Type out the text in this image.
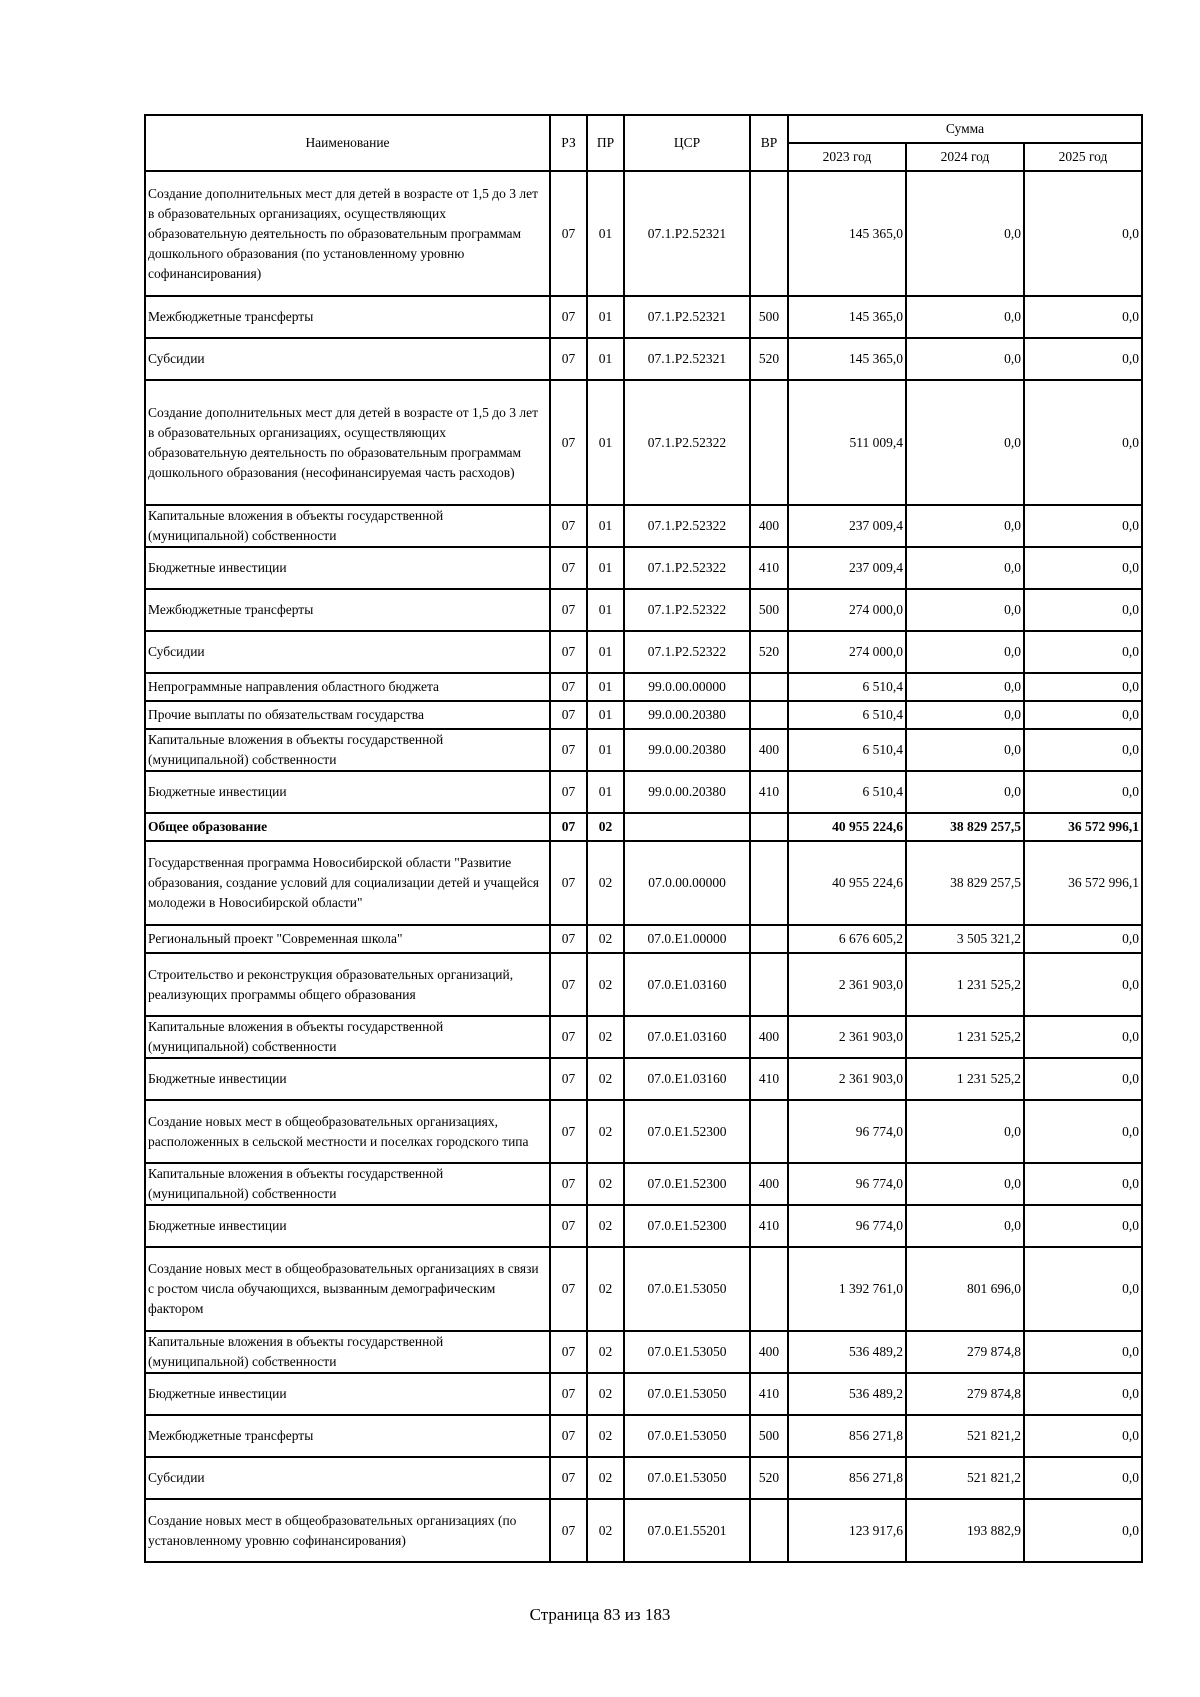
Наименование	РЗ	ПР	ЦСР	ВР	Сумма		
					2023 год	2024 год	2025 год
Создание дополнительных мест для детей в возрасте от 1,5 до 3 лет в образовательных организациях, осуществляющих образовательную деятельность по образовательным программам дошкольного образования (по установленному уровню софинансирования)	07	01	07.1.Р2.52321		145 365,0	0,0	0,0
Межбюджетные трансферты	07	01	07.1.Р2.52321	500	145 365,0	0,0	0,0
Субсидии	07	01	07.1.Р2.52321	520	145 365,0	0,0	0,0
Создание дополнительных мест для детей в возрасте от 1,5 до 3 лет в образовательных организациях, осуществляющих образовательную деятельность по образовательным программам дошкольного образования (несофинансируемая часть расходов)	07	01	07.1.Р2.52322		511 009,4	0,0	0,0
Капитальные вложения в объекты государственной (муниципальной) собственности	07	01	07.1.Р2.52322	400	237 009,4	0,0	0,0
Бюджетные инвестиции	07	01	07.1.Р2.52322	410	237 009,4	0,0	0,0
Межбюджетные трансферты	07	01	07.1.Р2.52322	500	274 000,0	0,0	0,0
Субсидии	07	01	07.1.Р2.52322	520	274 000,0	0,0	0,0
Непрограммные направления областного бюджета	07	01	99.0.00.00000		6 510,4	0,0	0,0
Прочие выплаты по обязательствам государства	07	01	99.0.00.20380		6 510,4	0,0	0,0
Капитальные вложения в объекты государственной (муниципальной) собственности	07	01	99.0.00.20380	400	6 510,4	0,0	0,0
Бюджетные инвестиции	07	01	99.0.00.20380	410	6 510,4	0,0	0,0
Общее образование	07	02			40 955 224,6	38 829 257,5	36 572 996,1
Государственная программа Новосибирской области "Развитие образования, создание условий для социализации детей и учащейся молодежи в Новосибирской области"	07	02	07.0.00.00000		40 955 224,6	38 829 257,5	36 572 996,1
Региональный проект "Современная школа"	07	02	07.0.Е1.00000		6 676 605,2	3 505 321,2	0,0
Строительство и реконструкция образовательных организаций, реализующих программы общего образования	07	02	07.0.Е1.03160		2 361 903,0	1 231 525,2	0,0
Капитальные вложения в объекты государственной (муниципальной) собственности	07	02	07.0.Е1.03160	400	2 361 903,0	1 231 525,2	0,0
Бюджетные инвестиции	07	02	07.0.Е1.03160	410	2 361 903,0	1 231 525,2	0,0
Создание новых мест в общеобразовательных организациях, расположенных в сельской местности и поселках городского типа	07	02	07.0.Е1.52300		96 774,0	0,0	0,0
Капитальные вложения в объекты государственной (муниципальной) собственности	07	02	07.0.Е1.52300	400	96 774,0	0,0	0,0
Бюджетные инвестиции	07	02	07.0.Е1.52300	410	96 774,0	0,0	0,0
Создание новых мест в общеобразовательных организациях в связи с ростом числа обучающихся, вызванным демографическим фактором	07	02	07.0.Е1.53050		1 392 761,0	801 696,0	0,0
Капитальные вложения в объекты государственной (муниципальной) собственности	07	02	07.0.Е1.53050	400	536 489,2	279 874,8	0,0
Бюджетные инвестиции	07	02	07.0.Е1.53050	410	536 489,2	279 874,8	0,0
Межбюджетные трансферты	07	02	07.0.Е1.53050	500	856 271,8	521 821,2	0,0
Субсидии	07	02	07.0.Е1.53050	520	856 271,8	521 821,2	0,0
Создание новых мест в общеобразовательных организациях (по установленному уровню софинансирования)	07	02	07.0.Е1.55201		123 917,6	193 882,9	0,0
Страница 83 из 183
